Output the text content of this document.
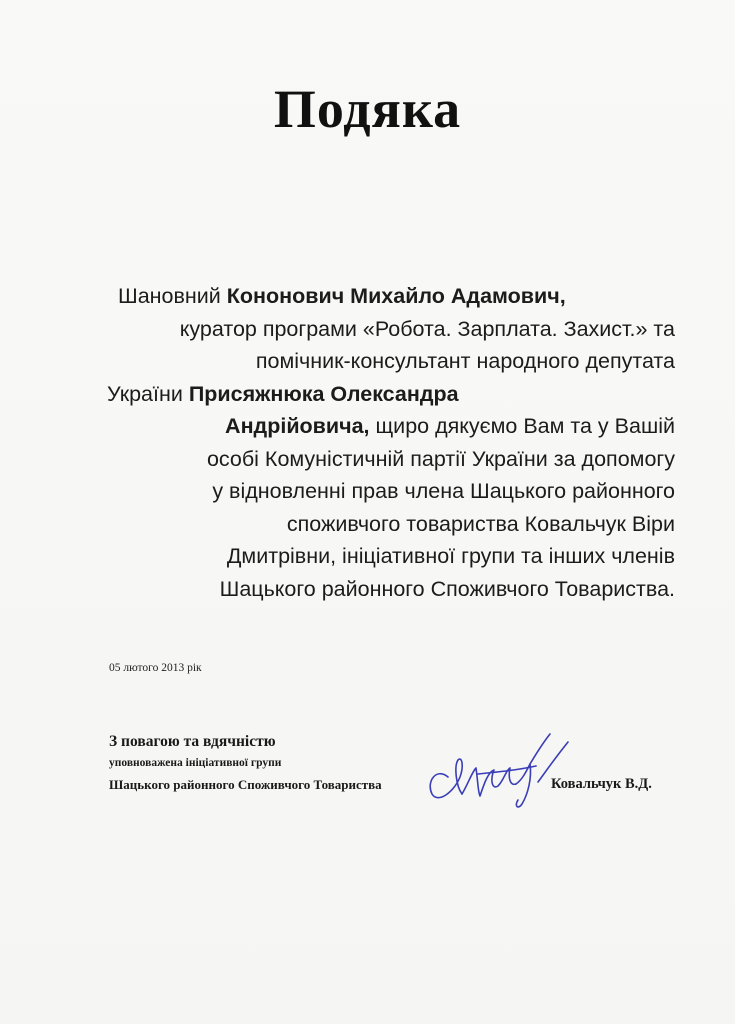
Подяка
Шановний Кононович Михайло Адамович,
куратор програми «Робота. Зарплата. Захист.» та
помічник-консультант народного депутата
України Присяжнюка Олександра
Андрійовича, щиро дякуємо Вам та у Вашій
особі Комуністичній партії України за допомогу
у відновленні прав члена Шацького районного
споживчого товариства Ковальчук Віри
Дмитрівни, ініціативної групи та інших членів
Шацького районного Споживчого Товариства.
05 лютого 2013 рік
З повагою та вдячністю
уповноважена ініціативної групи
Шацького районного Споживчого Товариства	Ковальчук В.Д.
